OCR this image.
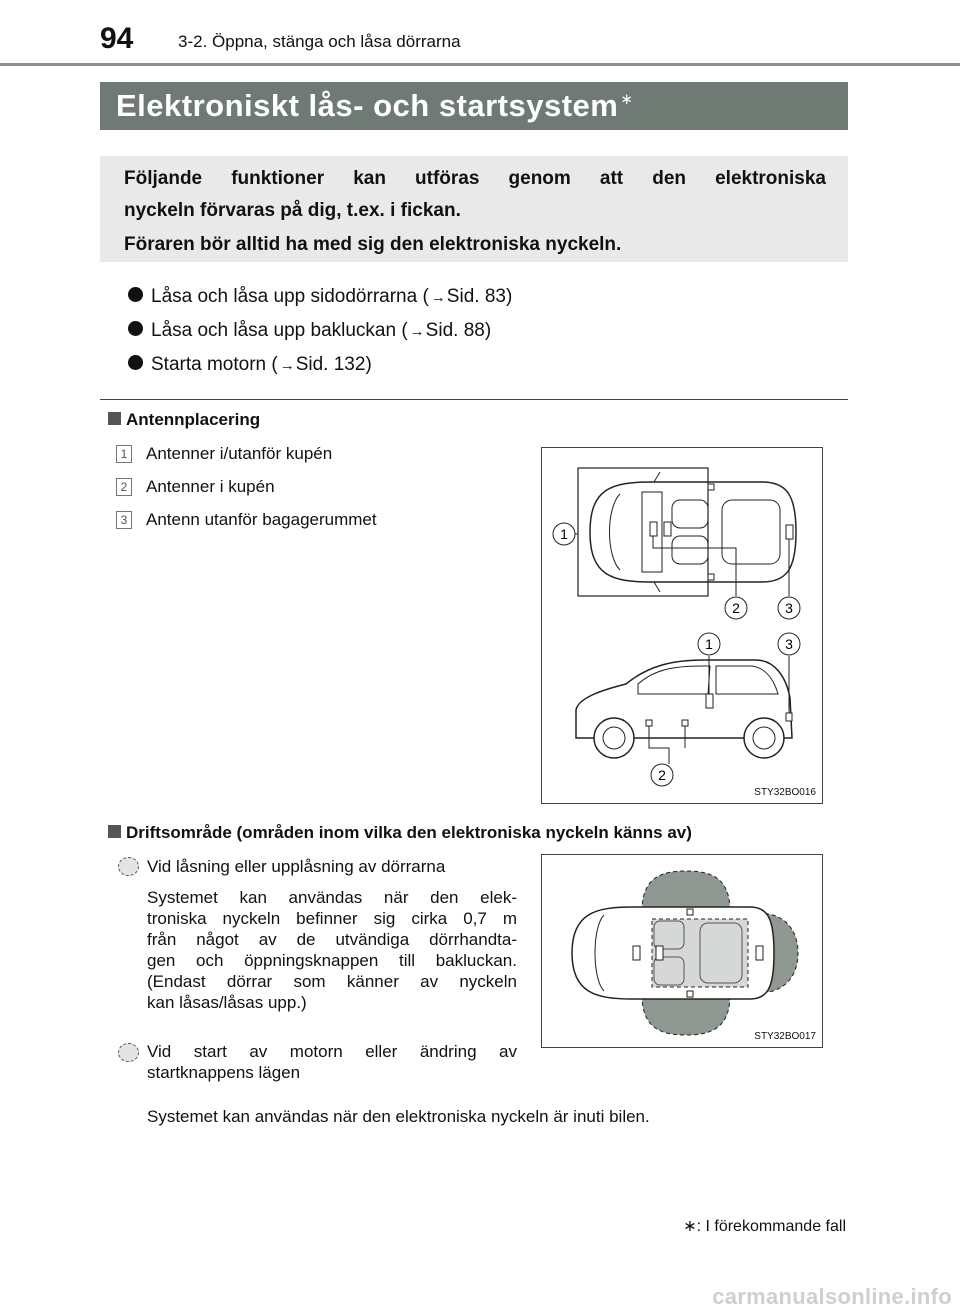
94	3-2. Öppna, stänga och låsa dörrarna
Elektroniskt lås- och startsystem ∗
Följande funktioner kan utföras genom att den elektroniska
nyckeln förvaras på dig, t.ex. i fickan.
Föraren bör alltid ha med sig den elektroniska nyckeln.
Låsa och låsa upp sidodörrarna ( →Sid. 83)
Låsa och låsa upp bakluckan ( →Sid. 88)
Starta motorn ( →Sid. 132)
Antennplacering
1 Antenner i/utanför kupén
2 Antenner i kupén
3 Antenn utanför bagagerummet
1
2	3
1	3
2
STY32BO016
Driftsområde (områden inom vilka den elektroniska nyckeln känns av)
Vid låsning eller upplåsning av dörrarna
Systemet kan användas när den elek-
troniska nyckeln befinner sig cirka 0,7 m
från något av de utvändiga dörrhandta-
gen och öppningsknappen till bakluckan.
(Endast dörrar som känner av nyckeln
kan låsas/låsas upp.)
Vid start av motorn eller ändring av
startknappens lägen
Systemet kan användas när den elektroniska nyckeln är inuti bilen.
STY32BO017
∗: I förekommande fall
carmanualsonline.info
